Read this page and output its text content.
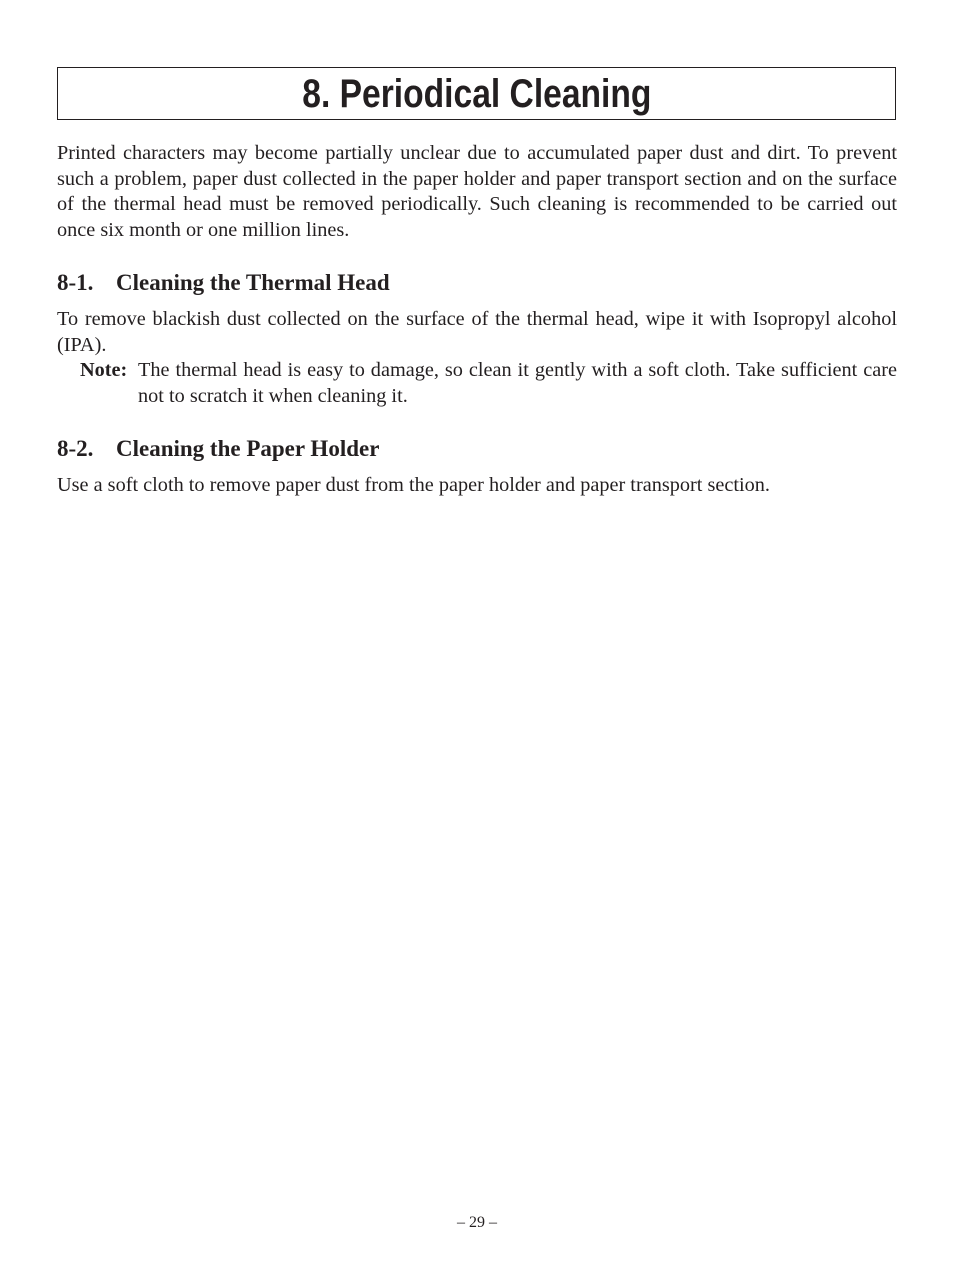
8. Periodical Cleaning

Printed characters may become partially unclear due to accumulated paper dust and dirt. To prevent such a problem, paper dust collected in the paper holder and paper transport section and on the surface of the thermal head must be removed periodically. Such cleaning is recommended to be carried out once six month or one million lines.

8-1. Cleaning the Thermal Head

To remove blackish dust collected on the surface of the thermal head, wipe it with Isopropyl alcohol (IPA).

Note: The thermal head is easy to damage, so clean it gently with a soft cloth. Take sufficient care not to scratch it when cleaning it.
8-2. Cleaning the Paper Holder

Use a soft cloth to remove paper dust from the paper holder and paper transport section.

– 29 –
